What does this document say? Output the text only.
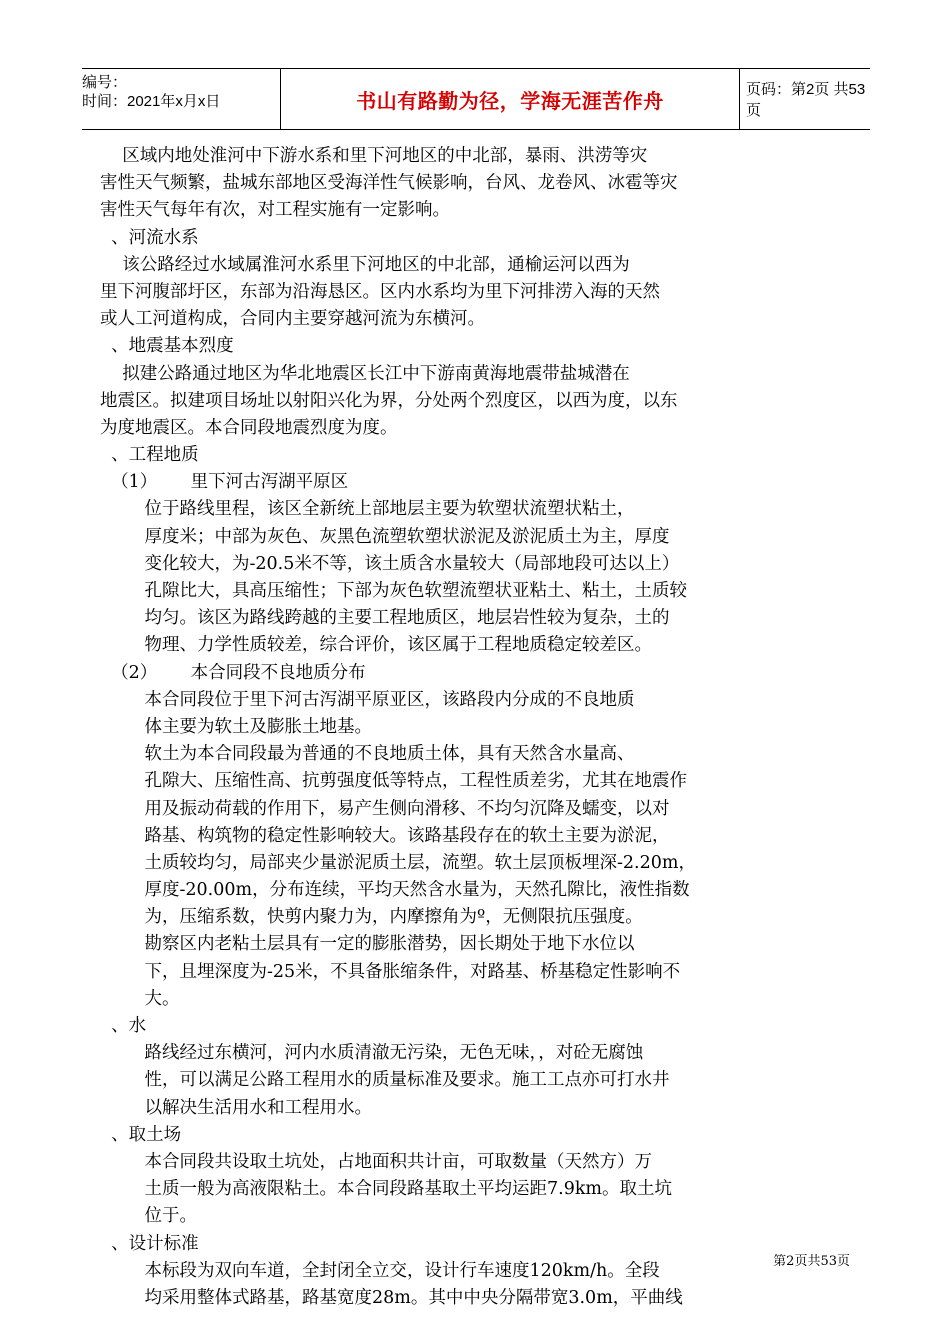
编号：
时间：2021年x月x日	书山有路勤为径，学海无涯苦作舟	页码：第2页 共53页
区域内地处淮河中下游水系和里下河地区的中北部，暴雨、洪涝等灾
害性天气频繁，盐城东部地区受海洋性气候影响，台风、龙卷风、冰雹等灾
害性天气每年有次，对工程实施有一定影响。
、河流水系
该公路经过水域属淮河水系里下河地区的中北部，通榆运河以西为
里下河腹部圩区，东部为沿海恳区。区内水系均为里下河排涝入海的天然
或人工河道构成，合同内主要穿越河流为东横河。
、地震基本烈度
拟建公路通过地区为华北地震区长江中下游南黄海地震带盐城潜在
地震区。拟建项目场址以射阳兴化为界，分处两个烈度区，以西为度，以东
为度地震区。本合同段地震烈度为度。
、工程地质
（1）      里下河古泻湖平原区
位于路线里程，该区全新统上部地层主要为软塑状流塑状粘土，
厚度米；中部为灰色、灰黑色流塑软塑状淤泥及淤泥质土为主，厚度
变化较大，为-20.5米不等，该土质含水量较大（局部地段可达以上）
孔隙比大，具高压缩性；下部为灰色软塑流塑状亚粘土、粘土，土质较
均匀。该区为路线跨越的主要工程地质区，地层岩性较为复杂，土的
物理、力学性质较差，综合评价，该区属于工程地质稳定较差区。
（2）      本合同段不良地质分布
本合同段位于里下河古泻湖平原亚区，该路段内分成的不良地质
体主要为软土及膨胀土地基。
软土为本合同段最为普通的不良地质土体，具有天然含水量高、
孔隙大、压缩性高、抗剪强度低等特点，工程性质差劣，尤其在地震作
用及振动荷载的作用下，易产生侧向滑移、不均匀沉降及蠕变，以对
路基、构筑物的稳定性影响较大。该路基段存在的软土主要为淤泥，
土质较均匀，局部夹少量淤泥质土层，流塑。软土层顶板埋深-2.20m，
厚度-20.00m，分布连续，平均天然含水量为，天然孔隙比，液性指数
为，压缩系数，快剪内聚力为，内摩擦角为º，无侧限抗压强度。
勘察区内老粘土层具有一定的膨胀潜势，因长期处于地下水位以
下，且埋深度为-25米，不具备胀缩条件，对路基、桥基稳定性影响不
大。
、水
路线经过东横河，河内水质清澈无污染，无色无味，，对砼无腐蚀
性，可以满足公路工程用水的质量标准及要求。施工工点亦可打水井
以解决生活用水和工程用水。
、取土场
本合同段共设取土坑处，占地面积共计亩，可取数量（天然方）万
土质一般为高液限粘土。本合同段路基取土平均运距7.9km。取土坑
位于。
、设计标准
本标段为双向车道，全封闭全立交，设计行车速度120km/h。全段
均采用整体式路基，路基宽度28m。其中中央分隔带宽3.0m，平曲线
第2页共53页
